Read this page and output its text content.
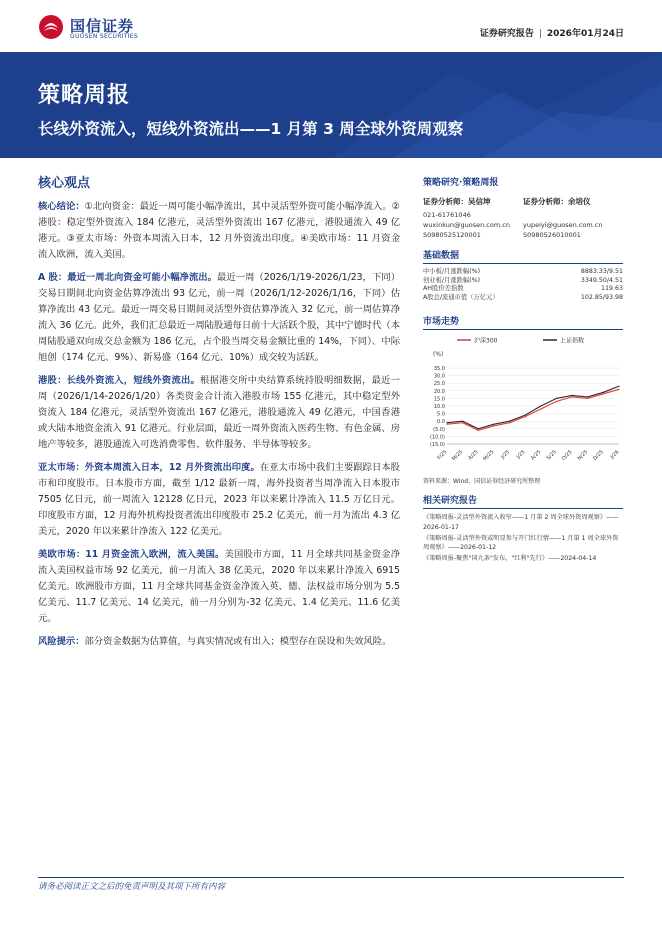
国信证券
GUOSEN SECURITIES	证券研究报告 | 2026年01月24日
策略周报
长线外资流入，短线外资流出——1 月第 3 周全球外资周观察
核心观点

核心结论：①北向资金：最近一周可能小幅净流出，其中灵活型外资可能小幅净流入。②港股：稳定型外资流入 184 亿港元，灵活型外资流出 167 亿港元，港股通流入 49 亿港元。③亚太市场：外资本周流入日本，12 月外资流出印度。④美欧市场：11 月资金流入欧洲，流入美国。

A 股：最近一周北向资金可能小幅净流出。最近一周（2026/1/19-2026/1/23，下同）交易日期间北向资金估算净流出 93 亿元，前一周（2026/1/12-2026/1/16，下同）估算净流出 43 亿元。最近一周交易日期间灵活型外资估算净流入 32 亿元，前一周估算净流入 36 亿元。此外，我们汇总最近一周陆股通每日前十大活跃个股，其中宁德时代（本周陆股通双向成交总金额为 186 亿元，占个股当周交易金额比重的 14%，下同）、中际旭创（174 亿元、9%）、新易盛（164 亿元、10%）成交较为活跃。

港股：长线外资流入，短线外资流出。根据港交所中央结算系统持股明细数据，最近一周（2026/1/14-2026/1/20）各类资金合计流入港股市场 155 亿港元，其中稳定型外资流入 184 亿港元，灵活型外资流出 167 亿港元，港股通流入 49 亿港元，中国香港或大陆本地资金流入 91 亿港元。行业层面，最近一周外资流入医药生物、有色金属、房地产等较多，港股通流入可选消费零售、软件服务、半导体等较多。

亚太市场：外资本周流入日本，12 月外资流出印度。在亚太市场中我们主要跟踪日本股市和印度股市。日本股市方面，截至 1/12 最新一周，海外投资者当周净流入日本股市 7505 亿日元，前一周流入 12128 亿日元，2023 年以来累计净流入 11.5 万亿日元。印度股市方面，12 月海外机构投资者流出印度股市 25.2 亿美元，前一月为流出 4.3 亿美元，2020 年以来累计净流入 122 亿美元。

美欧市场：11 月资金流入欧洲，流入美国。美国股市方面，11 月全球共同基金资金净流入美国权益市场 92 亿美元，前一月流入 38 亿美元，2020 年以来累计净流入 6915 亿美元。欧洲股市方面，11 月全球共同基金资金净流入英、德、法权益市场分别为 5.5 亿美元、11.7 亿美元、14 亿美元，前一月分别为-32 亿美元、1.4 亿美元、11.6 亿美元。

风险提示：部分资金数据为估算值，与真实情况或有出入；模型存在误设和失效风险。

策略研究·策略周报
证券分析师：吴信坤
021-61761046
wuxinkun@guosen.com.cn
S0980525120001
证券分析师：余培仪

yupeiyi@guosen.com.cn
S0980526010001
基础数据
中小板/月涨跌幅(%)	8883.33/9.51
创业板/月涨跌幅(%)	3349.50/4.51
AH股价差指数	119.63
A股总/流通市值（万亿元）	102.85/93.98
市场走势
(%)
沪深300	上证指数
35.0
30.0
25.0
20.0
15.0
10.0
5.0
0.0
(5.0)
(10.0)
(15.0)
F/25 M/25 A/25 M/25 J/25 J/25 A/25 S/25 O/25 N/25 D/25 J/26
资料来源：Wind、国信证券经济研究所整理
相关研究报告
《策略周报-灵活型外资流入收窄——1 月第 2 周全球外资周观察》——2026-01-17
《策略周报-灵活型外资或明显参与开门红行情——1 月第 1 周全球外资周观察》——2026-01-12
《策略周报-聚焦"国九条"发布，"红利"先行》——2024-04-14
请务必阅读正文之后的免责声明及其项下所有内容
